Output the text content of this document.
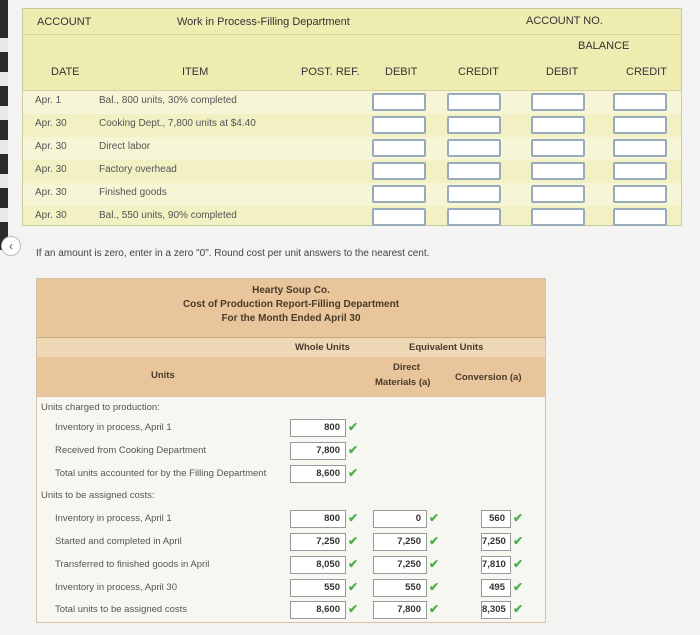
ACCOUNT	Work in Process-Filling Department	ACCOUNT NO.
BALANCE
DATE	ITEM	POST. REF. DEBIT	CREDIT	DEBIT	CREDIT
Apr. 1	Bal., 800 units, 30% completed
Apr. 30	Cooking Dept., 7,800 units at $4.40
Apr. 30	Direct labor
Apr. 30	Factory overhead
Apr. 30	Finished goods
Apr. 30	Bal., 550 units, 90% completed
‹
If an amount is zero, enter in a zero "0". Round cost per unit answers to the nearest cent.
Hearty Soup Co.
Cost of Production Report-Filling Department
For the Month Ended April 30
Whole Units	Equivalent Units
Units
Direct
Materials (a)	Conversion (a)
Units charged to production:
Inventory in process, April 1	800 ✔
Received from Cooking Department	7,800 ✔
Total units accounted for by the Filling Department	8,600 ✔
Units to be assigned costs:
Inventory in process, April 1	800 ✔	0 ✔	560 ✔
Started and completed in April	7,250 ✔	7,250 ✔	7,250 ✔
Transferred to finished goods in April	8,050 ✔	7,250 ✔	7,810 ✔
Inventory in process, April 30	550 ✔	550 ✔	495 ✔
Total units to be assigned costs	8,600 ✔	7,800 ✔	8,305 ✔
